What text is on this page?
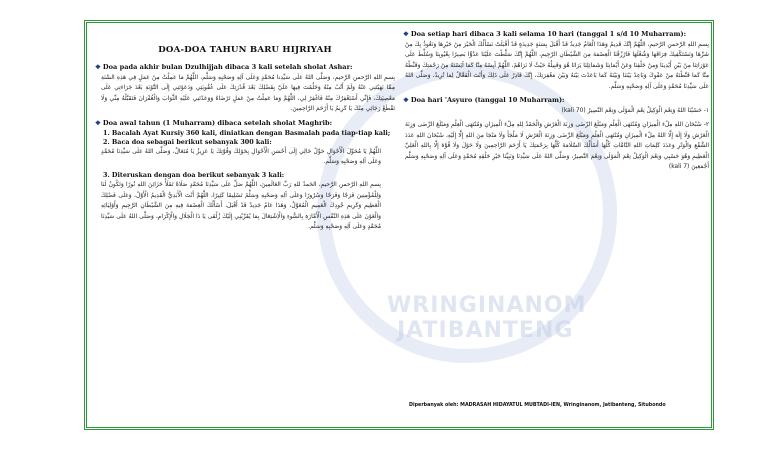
WRINGINANOM
JATIBANTENG
DOA-DOA TAHUN BARU HIJRIYAH
❖ Doa pada akhir bulan Dzulhijjah dibaca 3 kali setelah sholat Ashar:
بِسمِ اللهِ الرَّحمنِ الرَّحيمِ، وَصَلَّى اللهُ عَلَى سَيِّدِنا مُحَمَّدٍ وَعَلَى آلِهِ وَصَحْبِهِ وَسَلَّم، اللَّهُمَّ مَا عَمِلْتُ مِنْ عَمَلٍ فِي هَذِهِ السَّنَةِ مِمَّا نَهَيْتَنِي عَنْهُ وَلَمْ أَتُبْ مِنْهُ وَحَلُمْتَ فِيهَا عَلَيَّ بِفَضْلِكَ بَعْدَ قُدْرَتِكَ عَلَى عُقُوبَتِي وَدَعَوْتَنِي إِلَى التَّوْبَةِ بَعْدَ جَرَاءَتِي عَلَى مَعْصِيَتِكَ، فَإِنِّي أَسْتَغْفِرُكَ مِنْهُ فَاغْفِرْ لِي، اللَّهُمَّ وَمَا عَمِلْتُ مِنْ عَمَلٍ تَرْضَاهُ وَوَعَدْتَنِي عَلَيْهِ الثَّوَابَ وَالْغُفْرَانَ فَتَقَبَّلْهُ مِنِّي وَلَا تَقْطَعْ رَجَائِي مِنْكَ يَا كَرِيمُ يَا أَرْحَمَ الرَّاحِمِينَ.
❖ Doa awal tahun (1 Muharram) dibaca setelah sholat Maghrib:
1. Bacalah Ayat Kursiy 360 kali, diniatkan dengan Basmalah pada tiap-tiap kali;
2. Baca doa sebagai berikut sebanyak 300 kali:
اللَّهُمَّ يَا مُحَوِّلَ الْأَحْوَالِ حَوِّلْ حَالِي إِلَى أَحْسَنِ الْأَحْوَالِ بِحَوْلِكَ وَقُوَّتِكَ يَا عَزِيزُ يَا مُتَعَالُ، وَصَلَّى اللهُ عَلَى سَيِّدِنَا مُحَمَّدٍ وَعَلَى آلِهِ وَصَحْبِهِ وَسَلَّم.
3. Diteruskan dengan doa berikut sebanyak 3 kali:
بِسمِ اللهِ الرَّحمنِ الرَّحيمِ، الحَمدُ للهِ رَبِّ العَالَمِينَ، اللَّهُمَّ صَلِّ عَلَى سَيِّدِنَا مُحَمَّدٍ صَلَاةً تَمْلَأُ خَزَائِنَ اللهِ نُورًا وَتَكُونُ لَنَا وَلِلْمُؤْمِنِينَ فَرَجًا وَفَرَحًا وَسُرُورًا وَعَلَى آلِهِ وَصَحْبِهِ وَسَلِّمْ تَسْلِيمًا كَثِيرًا، اللَّهُمَّ أَنْتَ الْأَبَدِيُّ الْقَدِيمُ الْأَوَّلُ، وَعَلَى فَضْلِكَ الْعَظِيمِ وَكَرِيمِ جُودِكَ الْعَمِيمِ الْمُعَوَّلُ، وَهَذَا عَامٌ جَدِيدٌ قَدْ أَقْبَلَ، أَسْأَلُكَ الْعِصْمَةَ فِيهِ مِنَ الشَّيْطَانِ الرَّجِيمِ وَأَوْلِيَائِهِ وَالْعَوْنَ عَلَى هَذِهِ النَّفْسِ الْأَمَّارَةِ بِالسُّوءِ وَالْاِشْتِغَالَ بِمَا يُقَرِّبُنِي إِلَيْكَ زُلْفَى يَا ذَا الْجَلَالِ وَالْإِكْرَامِ، وَصَلَّى اللهُ عَلَى سَيِّدِنَا مُحَمَّدٍ وَعَلَى آلِهِ وَصَحْبِهِ وَسَلَّم.
❖ Doa setiap hari dibaca 3 kali selama 10 hari (tanggal 1 s/d 10 Muharram):
بِسمِ اللهِ الرَّحمنِ الرَّحيمِ، اللَّهُمَّ إِنَّكَ قَدِيمٌ وَهَذَا الْعَامُ جَدِيدٌ قَدْ أَقْبَلَ بِسَنَةٍ جَدِيدَةٍ قَدْ أَقْبَلَتْ نَسْأَلُكَ الْخَيْرَ مِنْ خَيْرِهَا وَنَعُوذُ بِكَ مِنْ شَرِّهَا وَنَسْتَكْفِيكَ فِرَاقَهَا وَشُغْلَهَا فَارْزُقْنَا الْعِصْمَةَ مِنَ الشَّيْطَانِ الرَّجِيمِ، اللَّهُمَّ إِنَّكَ سَلَّطْتَ عَلَيْنَا عَدُوًّا بَصِيرًا بِعُيُوبِنَا وَسُلِّطَ عَلَى عَوْرَاتِنَا مِنْ بَيْنِ أَيْدِينَا وَمِنْ خَلْفِنَا وَعَنْ أَيْمَانِنَا وَشَمَائِلِنَا يَرَانَا هُوَ وَقَبِيلُهُ حَيْثُ لَا نَرَاهُمْ، اللَّهُمَّ آيِسْهُ مِنَّا كَمَا آيَسْتَهُ مِنْ رَحْمَتِكَ وَقَنِّطْهُ مِنَّا كَمَا قَنَّطْتَهُ مِنْ عَفْوِكَ وَبَاعِدْ بَيْنَنَا وَبَيْنَهُ كَمَا بَاعَدْتَ بَيْنَهُ وَبَيْنَ مَغْفِرَتِكَ، إِنَّكَ قَادِرٌ عَلَى ذَلِكَ وَأَنْتَ الْفَعَّالُ لِمَا تُرِيدُ، وَصَلَّى اللهُ عَلَى سَيِّدِنَا مُحَمَّدٍ وَعَلَى آلِهِ وَصَحْبِهِ وَسَلَّم.
❖ Doa hari 'Asyuro (tanggal 10 Muharram):
١- حَسْبُنَا اللهُ وَنِعْمَ الْوَكِيلُ نِعْمَ الْمَوْلَى وَنِعْمَ النَّصِيرُ (70 kali)
٢- سُبْحَانَ اللهِ مِلْءَ الْمِيزَانِ وَمُنْتَهَى الْعِلْمِ وَمَبْلَغَ الرِّضَى وَزِنَةَ الْعَرْشِ وَالْحَمْدُ لِلهِ مِلْءَ الْمِيزَانِ وَمُنْتَهَى الْعِلْمِ وَمَبْلَغَ الرِّضَى وَزِنَةَ الْعَرْشِ وَلَا إِلَهَ إِلَّا اللهُ مِلْءَ الْمِيزَانِ وَمُنْتَهَى الْعِلْمِ وَمَبْلَغَ الرِّضَى وَزِنَةَ الْعَرْشِ لَا مَلْجَأَ وَلَا مَنْجَا مِنَ اللهِ إِلَّا إِلَيْهِ، سُبْحَانَ اللهِ عَدَدَ الشَّفْعِ وَالْوَتْرِ وَعَدَدَ كَلِمَاتِ اللهِ التَّامَّاتِ كُلِّهَا أَسْأَلُكَ السَّلَامَةَ كُلَّهَا بِرَحْمَتِكَ يَا أَرْحَمَ الرَّاحِمِينَ وَلَا حَوْلَ وَلَا قُوَّةَ إِلَّا بِاللهِ الْعَلِيِّ الْعَظِيمِ وَهُوَ حَسْبِي وَنِعْمَ الْوَكِيلُ نِعْمَ الْمَوْلَى وَنِعْمَ النَّصِيرُ، وَصَلَّى اللهُ عَلَى سَيِّدِنَا وَنَبِيِّنَا خَيْرِ خَلْقِهِ مُحَمَّدٍ وَعَلَى آلِهِ وَصَحْبِهِ وَسَلَّم أَجْمَعِينَ (7 kali)
Diperbanyak oleh: MADRASAH HIDAYATUL MUBTADI-IEN, Wringinanom, Jatibanteng, Situbondo
